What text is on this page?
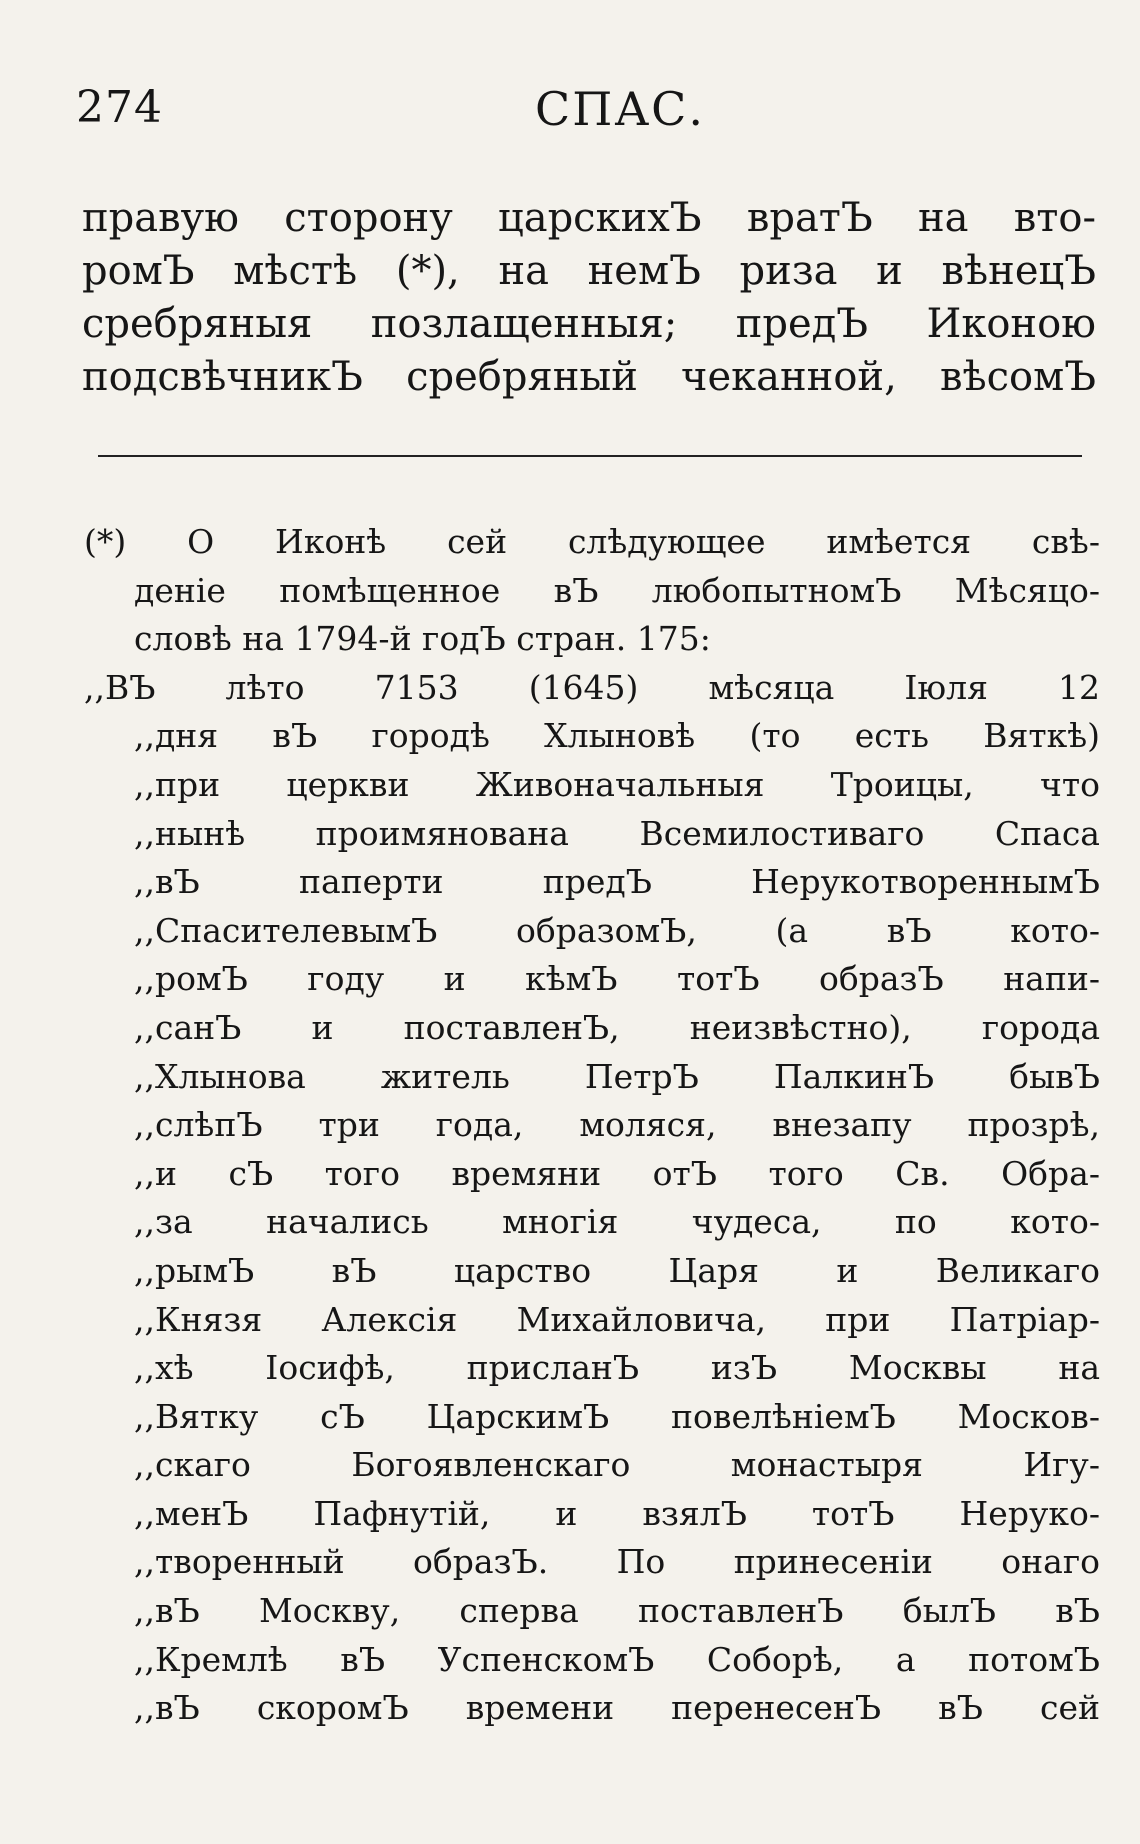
274	СПАС.
правую сторону царскихЪ вратЪ на вто-
ромЪ мѣстѣ (*), на немЪ риза и вѣнецЪ
сребряныя позлащенныя; предЪ Иконою
подсвѣчникЪ сребряный чеканной, вѣсомЪ
(*) О Иконѣ сей слѣдующее имѣется свѣ-
деніе помѣщенное вЪ любопытномЪ Мѣсяцо-
словѣ на 1794-й годЪ стран. 175:
,,ВЪ лѣто 7153 (1645) мѣсяца Іюля 12
,,дня вЪ городѣ Хлыновѣ (то есть Вяткѣ)
,,при церкви Живоначальныя Троицы, что
,,нынѣ проимянована Всемилостиваго Спаса
,,вЪ паперти предЪ НерукотвореннымЪ
,,СпасителевымЪ образомЪ, (а вЪ кото-
,,ромЪ году и кѣмЪ тотЪ образЪ напи-
,,санЪ и поставленЪ, неизвѣстно), города
,,Хлынова житель ПетрЪ ПалкинЪ бывЪ
,,слѣпЪ три года, моляся, внезапу прозрѣ,
,,и сЪ того времяни отЪ того Св. Обра-
,,за начались многія чудеса, по кото-
,,рымЪ вЪ царство Царя и Великаго
,,Князя Алексія Михайловича, при Патріар-
,,хѣ Іосифѣ, присланЪ изЪ Москвы на
,,Вятку сЪ ЦарскимЪ повелѣніемЪ Москов-
,,скаго Богоявленскаго монастыря Игу-
,,менЪ Пафнутій, и взялЪ тотЪ Неруко-
,,творенный образЪ. По принесеніи онаго
,,вЪ Москву, сперва поставленЪ былЪ вЪ
,,Кремлѣ вЪ УспенскомЪ Соборѣ, а потомЪ
,,вЪ скоромЪ времени перенесенЪ вЪ сей
